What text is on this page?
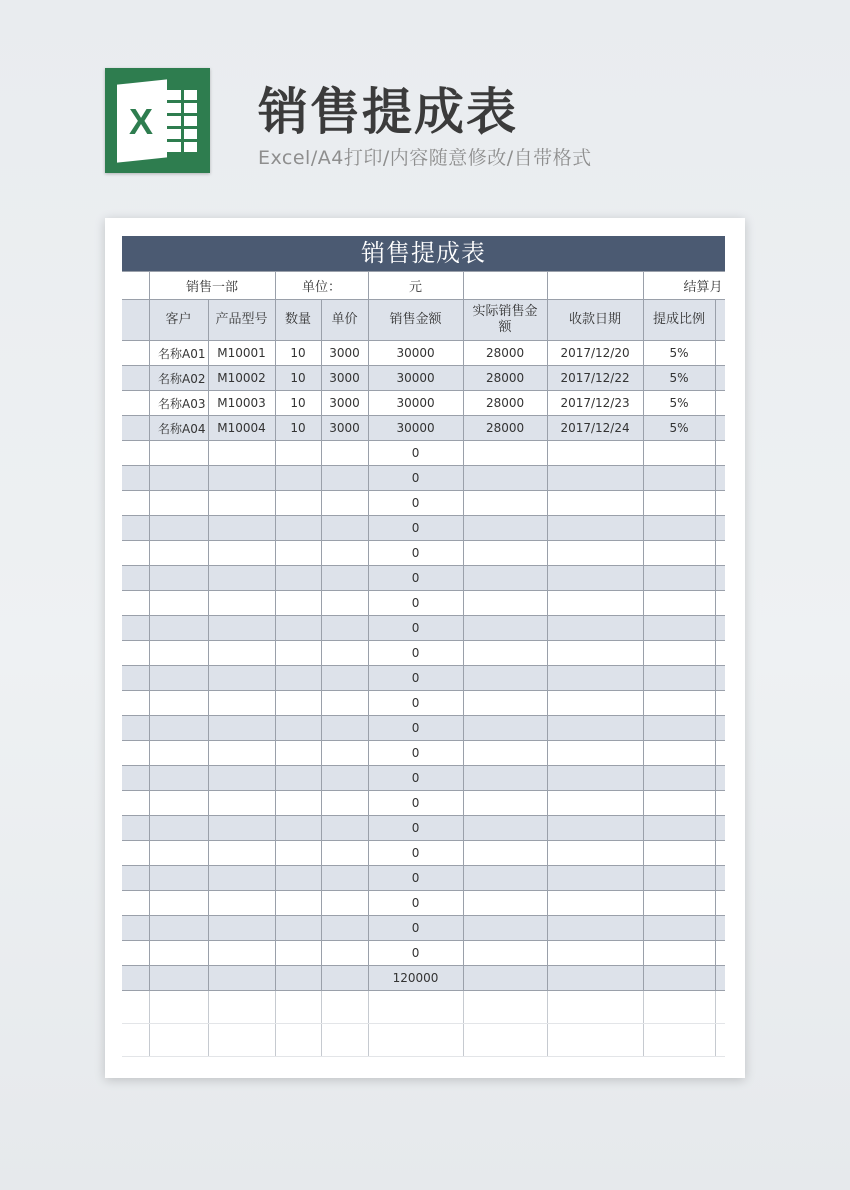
X 销售提成表
Excel/A4打印/内容随意修改/自带格式
销售提成表
	销售一部		单位：		元			结算月	
	客户	产品型号	数量	单价	销售金额	实际销售金额	收款日期	提成比例	
	名称A01	M10001	10	3000	30000	28000	2017/12/20	5%	
	名称A02	M10002	10	3000	30000	28000	2017/12/22	5%	
	名称A03	M10003	10	3000	30000	28000	2017/12/23	5%	
	名称A04	M10004	10	3000	30000	28000	2017/12/24	5%	
					0				
					0				
					0				
					0				
					0				
					0				
					0				
					0				
					0				
					0				
					0				
					0				
					0				
					0				
					0				
					0				
					0				
					0				
					0				
					0				
					0				
					120000				
